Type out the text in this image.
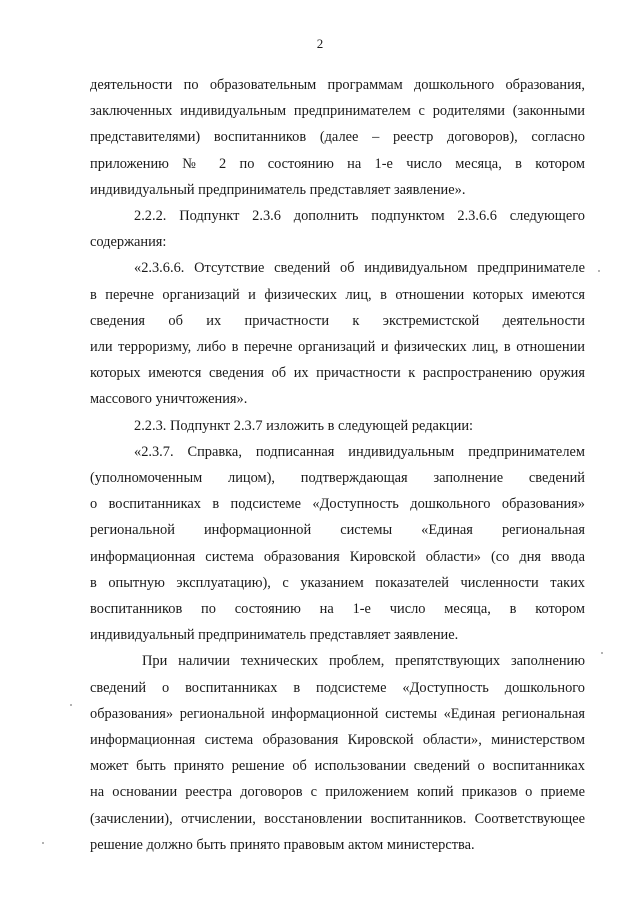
2

деятельности по образовательным программам дошкольного образования,
заключенных индивидуальным предпринимателем с родителями (законными
представителями) воспитанников (далее – реестр договоров), согласно
приложению № 2 по состоянию на 1-е число месяца, в котором
индивидуальный предприниматель представляет заявление».

2.2.2. Подпункт 2.3.6 дополнить подпунктом 2.3.6.6 следующего
содержания:

«2.3.6.6. Отсутствие сведений об индивидуальном предпринимателе
в перечне организаций и физических лиц, в отношении которых имеются
сведения об их причастности к экстремистской деятельности
или терроризму, либо в перечне организаций и физических лиц, в отношении
которых имеются сведения об их причастности к распространению оружия
массового уничтожения».

2.2.3. Подпункт 2.3.7 изложить в следующей редакции:

«2.3.7. Справка, подписанная индивидуальным предпринимателем
(уполномоченным лицом), подтверждающая заполнение сведений
о воспитанниках в подсистеме «Доступность дошкольного образования»
региональной информационной системы «Единая региональная
информационная система образования Кировской области» (со дня ввода
в опытную эксплуатацию), с указанием показателей численности таких
воспитанников по состоянию на 1-е число месяца, в котором
индивидуальный предприниматель представляет заявление.

При наличии технических проблем, препятствующих заполнению
сведений о воспитанниках в подсистеме «Доступность дошкольного
образования» региональной информационной системы «Единая региональная
информационная система образования Кировской области», министерством
может быть принято решение об использовании сведений о воспитанниках
на основании реестра договоров с приложением копий приказов о приеме
(зачислении), отчислении, восстановлении воспитанников. Соответствующее
решение должно быть принято правовым актом министерства.
